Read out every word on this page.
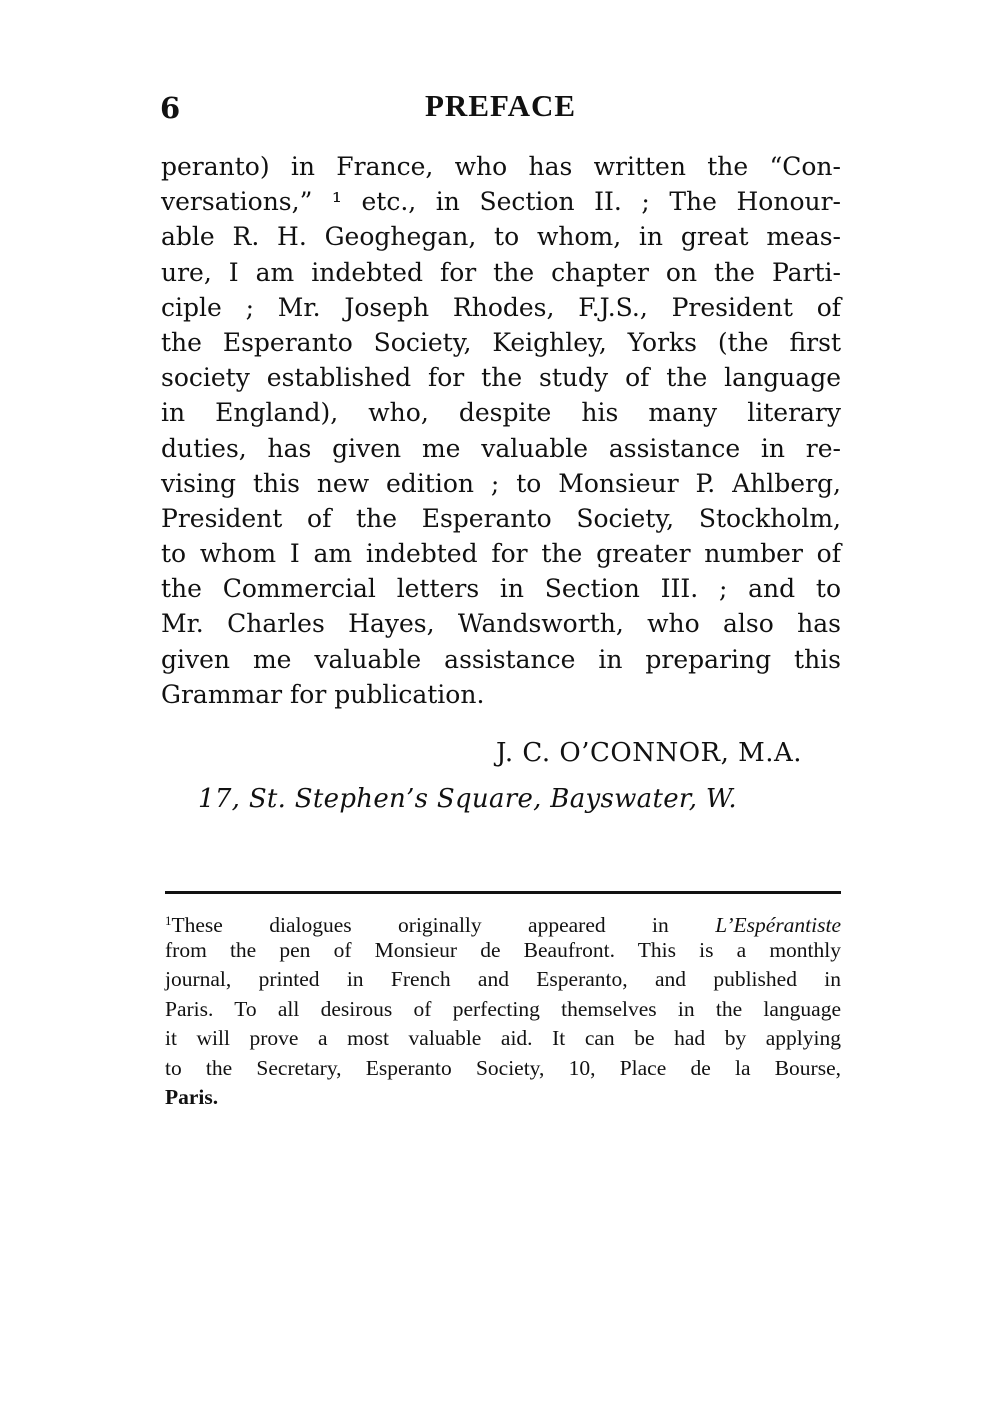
6	PREFACE
peranto) in France, who has written the “Con-
versations,” ¹ etc., in Section II. ; The Honour-
able R. H. Geoghegan, to whom, in great meas-
ure, I am indebted for the chapter on the Parti-
ciple ; Mr. Joseph Rhodes, F.J.S., President of
the Esperanto Society, Keighley, Yorks (the first
society established for the study of the language
in England), who, despite his many literary
duties, has given me valuable assistance in re-
vising this new edition ; to Monsieur P. Ahlberg,
President of the Esperanto Society, Stockholm,
to whom I am indebted for the greater number of
the Commercial letters in Section III. ; and to
Mr. Charles Hayes, Wandsworth, who also has
given me valuable assistance in preparing this
Grammar for publication.
J. C. O’CONNOR, M.A.
17, St. Stephen’s Square, Bayswater, W.
$^1$These dialogues originally appeared in L’Espérantiste
from the pen of Monsieur de Beaufront. This is a monthly
journal, printed in French and Esperanto, and published in
Paris. To all desirous of perfecting themselves in the language
it will prove a most valuable aid. It can be had by applying
to the Secretary, Esperanto Society, 10, Place de la Bourse,
Paris.
